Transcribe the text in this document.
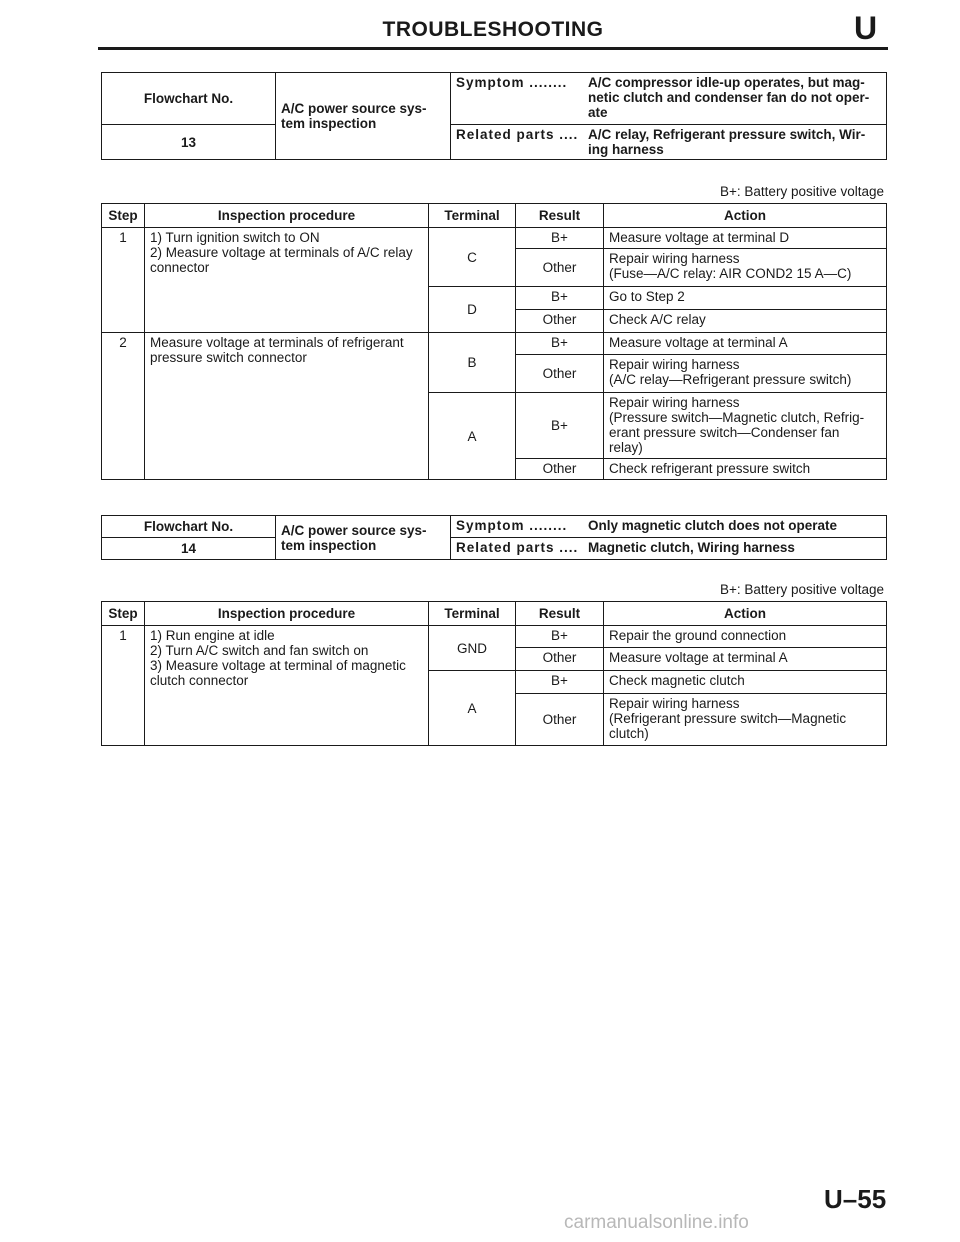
TROUBLESHOOTING	U
Flowchart No.	A/C power source sys- tem inspection	Symptom ........ A/C compressor idle-up operates, but mag- netic clutch and condenser fan do not oper- ate

13		Related parts .... A/C relay, Refrigerant pressure switch, Wir- ing harness
B+: Battery positive voltage
Step	Inspection procedure	Terminal	Result	Action
1	1) Turn ignition switch to ON
2) Measure voltage at terminals of A/C relay
connector	C	B+	Measure voltage at terminal D
			Other	Repair wiring harness
(Fuse—A/C relay: AIR COND2 15 A—C)
		D	B+	Go to Step 2
			Other	Check A/C relay
2	Measure voltage at terminals of refrigerant
pressure switch connector	B	B+	Measure voltage at terminal A
			Other	Repair wiring harness
(A/C relay—Refrigerant pressure switch)
		A	B+	Repair wiring harness
(Pressure switch—Magnetic clutch, Refrig-
erant pressure switch—Condenser fan
relay)
			Other	Check refrigerant pressure switch
Flowchart No.	A/C power source sys- tem inspection	Symptom ........ Only magnetic clutch does not operate

14		Related parts .... Magnetic clutch, Wiring harness
B+: Battery positive voltage
Step	Inspection procedure	Terminal	Result	Action
1	1) Run engine at idle
2) Turn A/C switch and fan switch on
3) Measure voltage at terminal of magnetic
clutch connector	GND	B+	Repair the ground connection
			Other	Measure voltage at terminal A
		A	B+	Check magnetic clutch
			Other	Repair wiring harness
(Refrigerant pressure switch—Magnetic
clutch)
U–55
carmanualsonline.info
